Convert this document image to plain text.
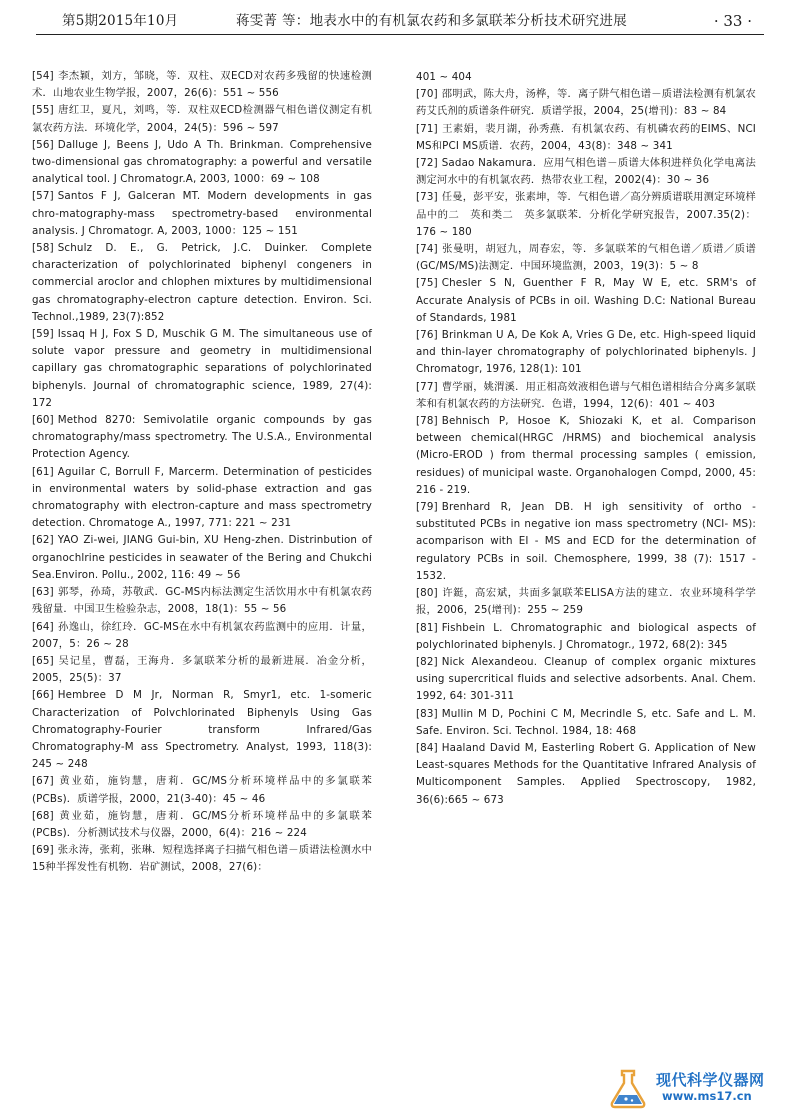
第5期2015年10月	蒋雯菁 等：地表水中的有机氯农药和多氯联苯分析技术研究进展	· 33 ·

[54] 李杰颖，刘方，邹晓，等．双柱、双ECD对农药多残留的快速检测术．山地农业生物学报，2007，26(6)：551 ~ 556

[55] 唐红卫，夏凡，刘鸣，等．双柱双ECD检测器气相色谱仪测定有机氯农药方法．环境化学，2004，24(5)：596 ~ 597

[56] Dalluge J, Beens J, Udo A Th. Brinkman. Comprehensive two-dimensional gas chromatography: a powerful and versatile analytical tool. J Chromatogr.A, 2003, 1000：69 ~ 108

[57] Santos F J, Galceran MT. Modern developments in gas chro-matography-mass spectrometry-based environmental analysis. J Chromatogr. A, 2003, 1000：125 ~ 151

[58] Schulz D. E., G. Petrick, J.C. Duinker. Complete characterization of polychlorinated biphenyl congeners in commercial aroclor and chlophen mixtures by multidimensional gas chromatography-electron capture detection. Environ. Sci. Technol.,1989, 23(7):852

[59] Issaq H J, Fox S D, Muschik G M. The simultaneous use of solute vapor pressure and geometry in multidimensional capillary gas chromatographic separations of polychlorinated biphenyls. Journal of chromatographic science, 1989, 27(4): 172

[60] Method 8270: Semivolatile organic compounds by gas chromatography/mass spectrometry. The U.S.A., Environmental Protection Agency.

[61] Aguilar C, Borrull F, Marcerm. Determination of pesticides in environmental waters by solid-phase extraction and gas chromatography with electron-capture and mass spectrometry detection. Chromatoge A., 1997, 771: 221 ~ 231

[62] YAO Zi-wei, JIANG Gui-bin, XU Heng-zhen. Distrinbution of organochlrine pesticides in seawater of the Bering and Chukchi Sea.Environ. Pollu., 2002, 116: 49 ~ 56

[63] 郭琴，孙琦，苏敬武．GC-MS内标法测定生活饮用水中有机氯农药残留量．中国卫生检验杂志，2008，18(1)：55 ~ 56

[64] 孙逸山，徐红玲．GC-MS在水中有机氯农药监测中的应用．计量，2007，5：26 ~ 28

[65] 吴记星，曹磊，王海舟．多氯联苯分析的最新进展．冶金分析，2005，25(5)：37

[66] Hembree D M Jr, Norman R, Smyr1, etc. 1-someric Characterization of Polvchlorinated Biphenyls Using Gas Chromatography-Fourier transform Infrared/Gas Chromatography-M ass Spectrometry. Analyst, 1993, 118(3): 245 ~ 248

[67] 黄业茹，施钧慧，唐莉．GC/MS分析环境样品中的多氯联苯(PCBs)．质谱学报，2000，21(3-40)：45 ~ 46

[68] 黄业茹，施钧慧，唐莉．GC/MS分析环境样品中的多氯联苯(PCBs)．分析测试技术与仪器，2000，6(4)：216 ~ 224

[69] 张永涛，张莉，张琳．短程选择离子扫描气相色谱－质谱法检测水中15种半挥发性有机物．岩矿测试，2008，27(6)：

401 ~ 404

[70] 邵明武，陈大舟，汤桦，等．离子阱气相色谱－质谱法检测有机氯农药艾氏剂的质谱条件研究．质谱学报，2004，25(增刊)：83 ~ 84

[71] 王素娟，裴月湖，孙秀燕．有机氯农药、有机磷农药的EIMS、NCI MS和PCI MS质谱．农药，2004，43(8)：348 ~ 341

[72] Sadao Nakamura．应用气相色谱－质谱大体积进样负化学电离法测定河水中的有机氯农药．热带农业工程，2002(4)：30 ~ 36

[73] 任曼，彭平安，张素坤，等．气相色谱／高分辨质谱联用测定环境样品中的二　英和类二　英多氯联苯．分析化学研究报告，2007.35(2)：176 ~ 180

[74] 张曼明，胡冠九，周春宏，等．多氯联苯的气相色谱／质谱／质谱(GC/MS/MS)法测定．中国环境监测，2003，19(3)：5 ~ 8

[75] Chesler S N, Guenther F R, May W E, etc. SRM's of Accurate Analysis of PCBs in oil. Washing D.C: National Bureau of Standards, 1981

[76] Brinkman U A, De Kok A, Vries G De, etc. High-speed liquid and thin-layer chromatography of polychlorinated biphenyls. J Chromatogr, 1976, 128(1): 101

[77] 曹学丽，姚渭溪．用正相高效液相色谱与气相色谱相结合分离多氯联苯和有机氯农药的方法研究．色谱，1994，12(6)：401 ~ 403

[78] Behnisch P, Hosoe K, Shiozaki K, et al. Comparison between chemical(HRGC /HRMS) and biochemical analysis (Micro-EROD ) from thermal processing samples ( emission, residues) of municipal waste. Organohalogen Compd, 2000, 45: 216 - 219.

[79] Brenhard R, Jean DB. H igh sensitivity of ortho - substituted PCBs in negative ion mass spectrometry (NCI- MS): acomparison with EI - MS and ECD for the determination of regulatory PCBs in soil. Chemosphere, 1999, 38 (7): 1517 - 1532.

[80] 许鋌，高宏斌，共面多氯联苯ELISA方法的建立．农业环境科学学报，2006，25(增刊)：255 ~ 259

[81] Fishbein L. Chromatographic and biological aspects of polychlorinated biphenyls. J Chromatogr., 1972, 68(2): 345

[82] Nick Alexandeou. Cleanup of complex organic mixtures using supercritical fluids and selective adsorbents. Anal. Chem. 1992, 64: 301-311

[83] Mullin M D, Pochini C M, Mecrindle S, etc. Safe and L. M. Safe. Environ. Sci. Technol. 1984, 18: 468

[84] Haaland David M, Easterling Robert G. Application of New Least-squares Methods for the Quantitative Infrared Analysis of Multicomponent Samples. Applied Spectroscopy, 1982, 36(6):665 ~ 673

现代科学仪器网
www.ms17.cn
